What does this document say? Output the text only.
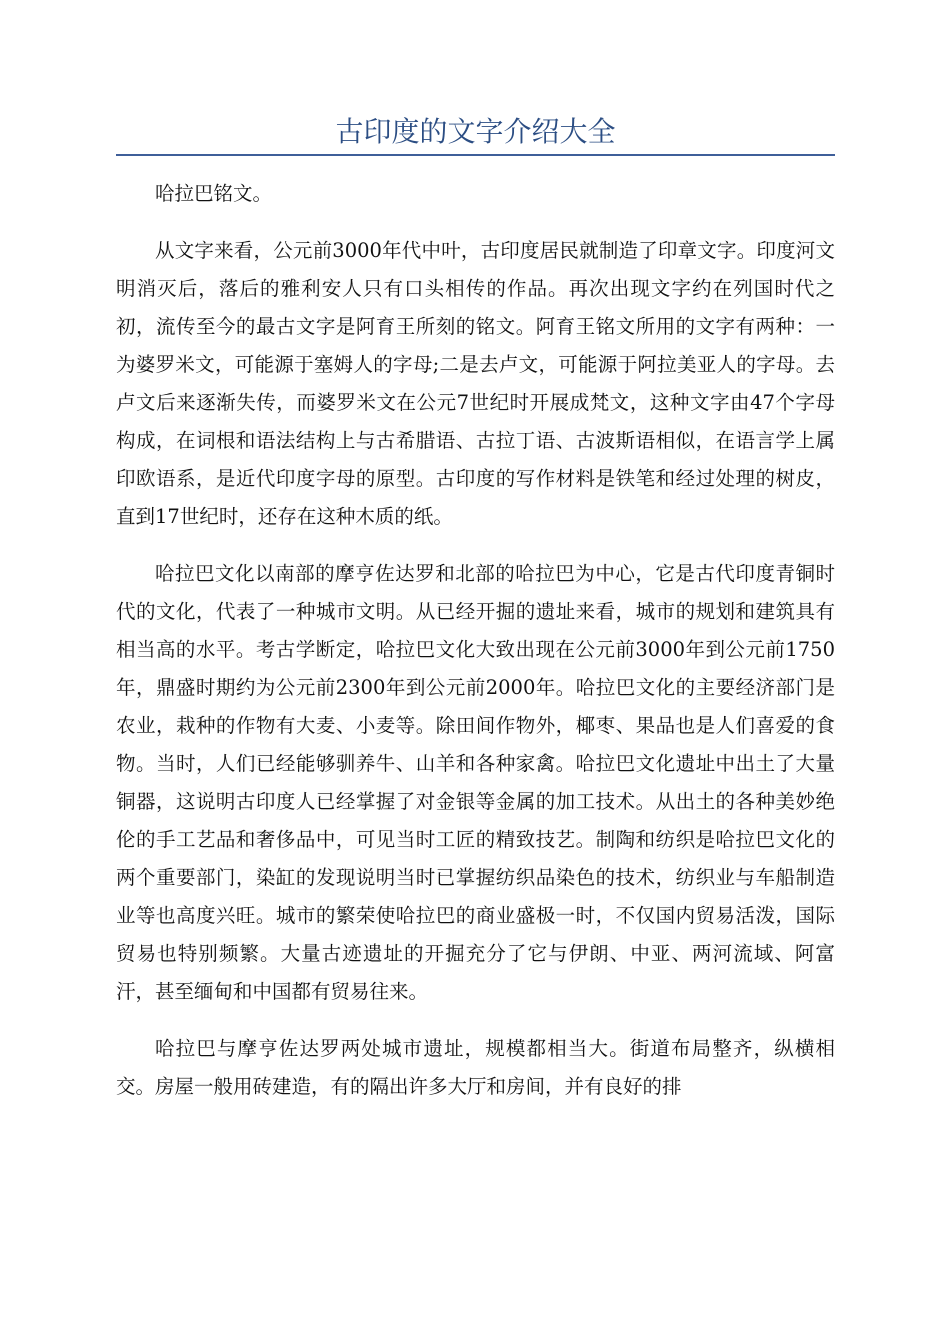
古印度的文字介绍大全

哈拉巴铭文。

从文字来看，公元前3000年代中叶，古印度居民就制造了印章文字。印度河文明消灭后，落后的雅利安人只有口头相传的作品。再次出现文字约在列国时代之初，流传至今的最古文字是阿育王所刻的铭文。阿育王铭文所用的文字有两种：一为婆罗米文，可能源于塞姆人的字母;二是去卢文，可能源于阿拉美亚人的字母。去卢文后来逐渐失传，而婆罗米文在公元7世纪时开展成梵文，这种文字由47个字母构成，在词根和语法结构上与古希腊语、古拉丁语、古波斯语相似，在语言学上属印欧语系，是近代印度字母的原型。古印度的写作材料是铁笔和经过处理的树皮，直到17世纪时，还存在这种木质的纸。

哈拉巴文化以南部的摩亨佐达罗和北部的哈拉巴为中心，它是古代印度青铜时代的文化，代表了一种城市文明。从已经开掘的遗址来看，城市的规划和建筑具有相当高的水平。考古学断定，哈拉巴文化大致出现在公元前3000年到公元前1750年，鼎盛时期约为公元前2300年到公元前2000年。哈拉巴文化的主要经济部门是农业，栽种的作物有大麦、小麦等。除田间作物外，椰枣、果品也是人们喜爱的食物。当时，人们已经能够驯养牛、山羊和各种家禽。哈拉巴文化遗址中出土了大量铜器，这说明古印度人已经掌握了对金银等金属的加工技术。从出土的各种美妙绝伦的手工艺品和奢侈品中，可见当时工匠的精致技艺。制陶和纺织是哈拉巴文化的两个重要部门，染缸的发现说明当时已掌握纺织品染色的技术，纺织业与车船制造业等也高度兴旺。城市的繁荣使哈拉巴的商业盛极一时，不仅国内贸易活泼，国际贸易也特别频繁。大量古迹遗址的开掘充分了它与伊朗、中亚、两河流域、阿富汗，甚至缅甸和中国都有贸易往来。

哈拉巴与摩亨佐达罗两处城市遗址，规模都相当大。街道布局整齐，纵横相交。房屋一般用砖建造，有的隔出许多大厅和房间，并有良好的排
